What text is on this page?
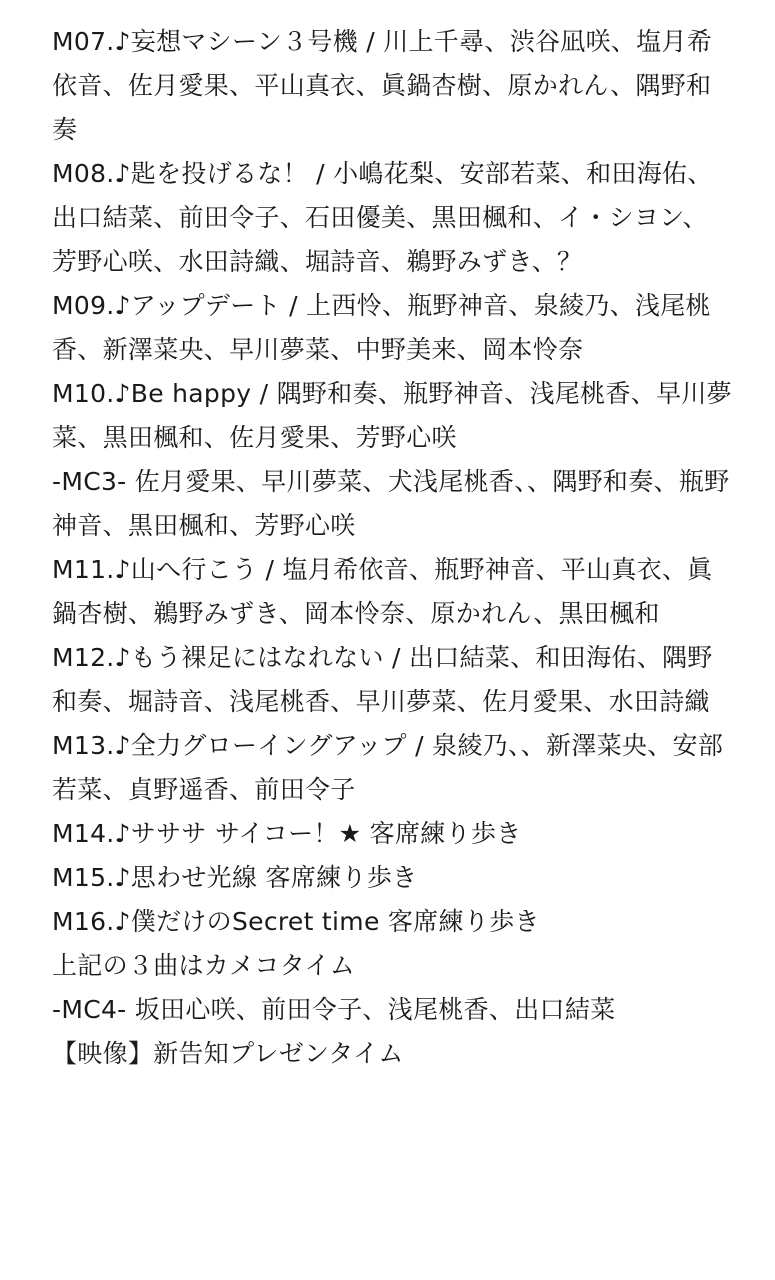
M07.♪妄想マシーン３号機 / 川上千尋、渋谷凪咲、塩月希依音、佐月愛果、平山真衣、眞鍋杏樹、原かれん、隅野和奏

M08.♪匙を投げるな！ / 小嶋花梨、安部若菜、和田海佑、出口結菜、前田令子、石田優美、黒田楓和、イ・シヨン、芳野心咲、水田詩織、堀詩音、鵜野みずき、？

M09.♪アップデート / 上西怜、瓶野神音、泉綾乃、浅尾桃香、新澤菜央、早川夢菜、中野美来、岡本怜奈

M10.♪Be happy / 隅野和奏、瓶野神音、浅尾桃香、早川夢菜、黒田楓和、佐月愛果、芳野心咲

-MC3- 佐月愛果、早川夢菜、犬浅尾桃香、、隅野和奏、瓶野神音、黒田楓和、芳野心咲

M11.♪山へ行こう / 塩月希依音、瓶野神音、平山真衣、眞鍋杏樹、鵜野みずき、岡本怜奈、原かれん、黒田楓和

M12.♪もう裸足にはなれない / 出口結菜、和田海佑、隅野和奏、堀詩音、浅尾桃香、早川夢菜、佐月愛果、水田詩織

M13.♪全力グローイングアップ / 泉綾乃、、新澤菜央、安部若菜、貞野遥香、前田令子

M14.♪サササ サイコー！★ 客席練り歩き

M15.♪思わせ光線 客席練り歩き

M16.♪僕だけのSecret time 客席練り歩き

上記の３曲はカメコタイム

-MC4- 坂田心咲、前田令子、浅尾桃香、出口結菜

【映像】新告知プレゼンタイム
